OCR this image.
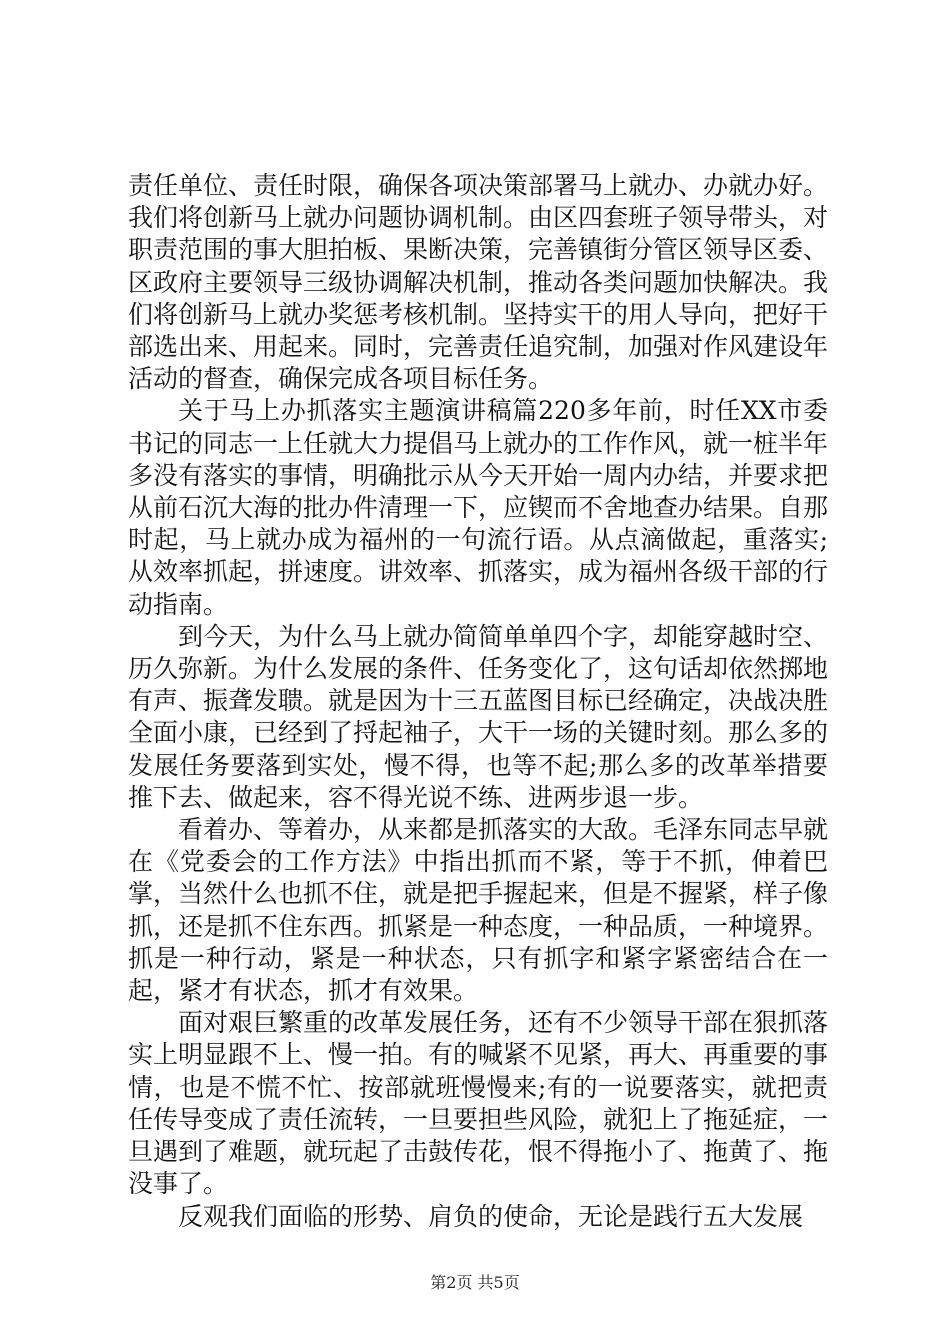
责任单位、责任时限，确保各项决策部署马上就办、办就办好。我们将创新马上就办问题协调机制。由区四套班子领导带头，对职责范围的事大胆拍板、果断决策，完善镇街分管区领导区委、区政府主要领导三级协调解决机制，推动各类问题加快解决。我们将创新马上就办奖惩考核机制。坚持实干的用人导向，把好干部选出来、用起来。同时，完善责任追究制，加强对作风建设年活动的督查，确保完成各项目标任务。

关于马上办抓落实主题演讲稿篇220多年前，时任XX市委书记的同志一上任就大力提倡马上就办的工作作风，就一桩半年多没有落实的事情，明确批示从今天开始一周内办结，并要求把从前石沉大海的批办件清理一下，应锲而不舍地查办结果。自那时起，马上就办成为福州的一句流行语。从点滴做起，重落实;从效率抓起，拼速度。讲效率、抓落实，成为福州各级干部的行动指南。

到今天，为什么马上就办简简单单四个字，却能穿越时空、历久弥新。为什么发展的条件、任务变化了，这句话却依然掷地有声、振聋发聩。就是因为十三五蓝图目标已经确定，决战决胜全面小康，已经到了捋起袖子，大干一场的关键时刻。那么多的发展任务要落到实处，慢不得，也等不起;那么多的改革举措要推下去、做起来，容不得光说不练、进两步退一步。

看着办、等着办，从来都是抓落实的大敌。毛泽东同志早就在《党委会的工作方法》中指出抓而不紧，等于不抓，伸着巴掌，当然什么也抓不住，就是把手握起来，但是不握紧，样子像抓，还是抓不住东西。抓紧是一种态度，一种品质，一种境界。抓是一种行动，紧是一种状态，只有抓字和紧字紧密结合在一起，紧才有状态，抓才有效果。

面对艰巨繁重的改革发展任务，还有不少领导干部在狠抓落实上明显跟不上、慢一拍。有的喊紧不见紧，再大、再重要的事情，也是不慌不忙、按部就班慢慢来;有的一说要落实，就把责任传导变成了责任流转，一旦要担些风险，就犯上了拖延症，一旦遇到了难题，就玩起了击鼓传花，恨不得拖小了、拖黄了、拖没事了。

反观我们面临的形势、肩负的使命，无论是践行五大发展

第2页 共5页
